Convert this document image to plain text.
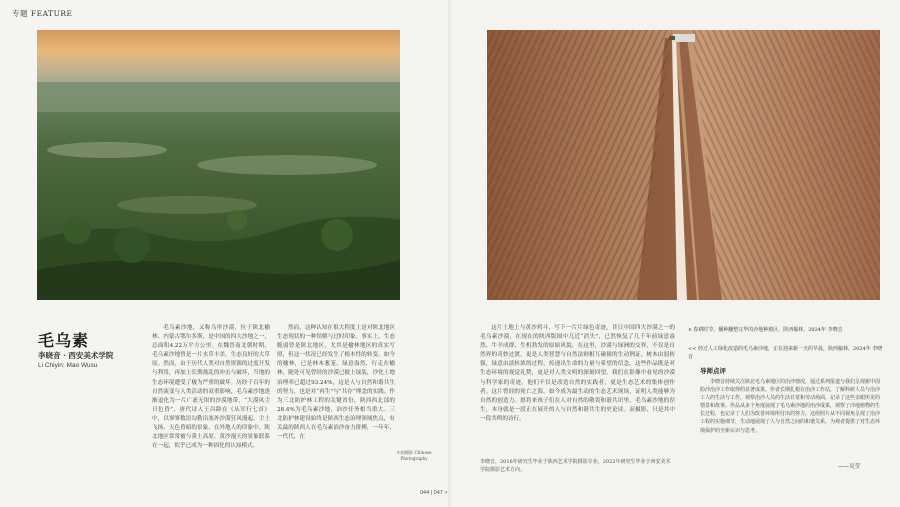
专题 FEATURE
毛乌素
李晓音 · 西安美术学院
Li Chiyin: Mao Wusu

毛乌素沙地，又称乌审沙漠，位于陕北榆林、内蒙古鄂尔多斯，是中国的四大沙地之一，总面积4.22万平方公里。在魏晋南北朝时期，毛乌素沙地曾是一片水草丰美、生态良好的大草原。然而，由于历代人类对自然资源的过度开发与利用，再加上长期战乱的冲击与破坏，当地的生态环境遭受了极为严重的破坏。历经千百年的自然演变与人类活动的双重影响，毛乌素沙地逐渐退化为一片广袤无垠的沙漠地带，“大漠风尘日色昏”，唐代诗人王昌龄在《从军行七首》中，以寥寥数语勾勒出塞外沙漠狂风漫起、尘土飞扬、天色昏暗的景象。在外地人的印象中，陕北地区常常被与黄土高原、黄沙漫天的景象联系在一起，似乎已成为一种固化的认知模式。

然而，这种认知在很大程度上是对陕北地区生态现状的一种误解与过时印象。事实上，生态脆弱曾是陕北地区，尤其是榆林地区的真实写照，但这一状况已经发生了根本性的转变。如今的榆林，已是林木葱茏、绿意盎然，行走在榆林，随处可见曾经的沙漠已披上绿装，沙化土地治理率已超过93.24%，这是人与自然和谐共生的努力，也是对“再生”与“共存”理念的实践。作为三北防护林工程的关键省份，陕西西北部的28.4%为毛乌素沙地，治沙任务相当重大。三北防护林建设始终是陕西生态治理领域焦点，有关最的陕西人在毛乌素治沙奋力拼搏，一年年、一代代、在

中国摄影 Chinese Photography
044 | 047 >

这片土地上与黄沙鸡斗，写下一片片绿色奇迹。昔日中国四大沙漠之一的毛乌素沙漠，在现在的陕西版图中几近“消失”，已然恢复了几千年前绿意盎然、牛羊成群、生机勃发的原始风貌。在这里，沙漠与绿洲的交界，不仅是自然界的奇妙过渡，更是人类智慧与自然法则相互碰撞的生动例证。树木由弱转强，绿意由淡转浓的过程，传递出生命的力量与希望的信念。这些作品既是对生态环境的视觉礼赞，更是对人类文明的深刻回望。我们在影像中看见的沙漠与科学家的奇迹，他们不仅是改造自然的实践者，更是生态艺术的集体创作者。这片曾经的死亡之海，如今成为最生动的生态艺术现场，证明人类能够为自然的创造力。愿将来孩子们在人对自然的敬畏和谐共识里，毛乌素沙地的涅生，本身就是一段正在展开的人与自然和谐共生的史论诗。而摄影，只是其中一段共鸣的诗行。

李晓音，2016年研究生毕业于陕西艺术学院摄影专业，2022年研究生毕业于西安美术学院摄影艺术方向。
∧ 春耕时节，播种翻整完毕的沙地种植区，陕西榆林，2024年 李晓音
<< 经过人工绿化改造的毛乌素沙地，正在迎来新一天的早晨，陕西榆林，2024年 李晓音
导师点评

李晓音持续关注陕北毛乌素地区的治沙情况，通过系列报道与我们呈现新中国防沙治沙工作取得的显著成果。作者长期扎根在治沙工作站，了解科研人员与治沙工人的生活与工作，观察治沙人员的生活日常和劳动场面，记录了这些亲眼所见的情景和故事。作品从多个角度展现了毛乌素沙地的治沙成果，观察了沙地植物的生长过程，也记录了人们为改善环境所付出的努力。这组照片从不同视角呈现了治沙工程的实施细节，生动地展现了人与自然之间的和谐关系，为观者提供了对生态环境保护的全新认识与思考。

——吴莹
